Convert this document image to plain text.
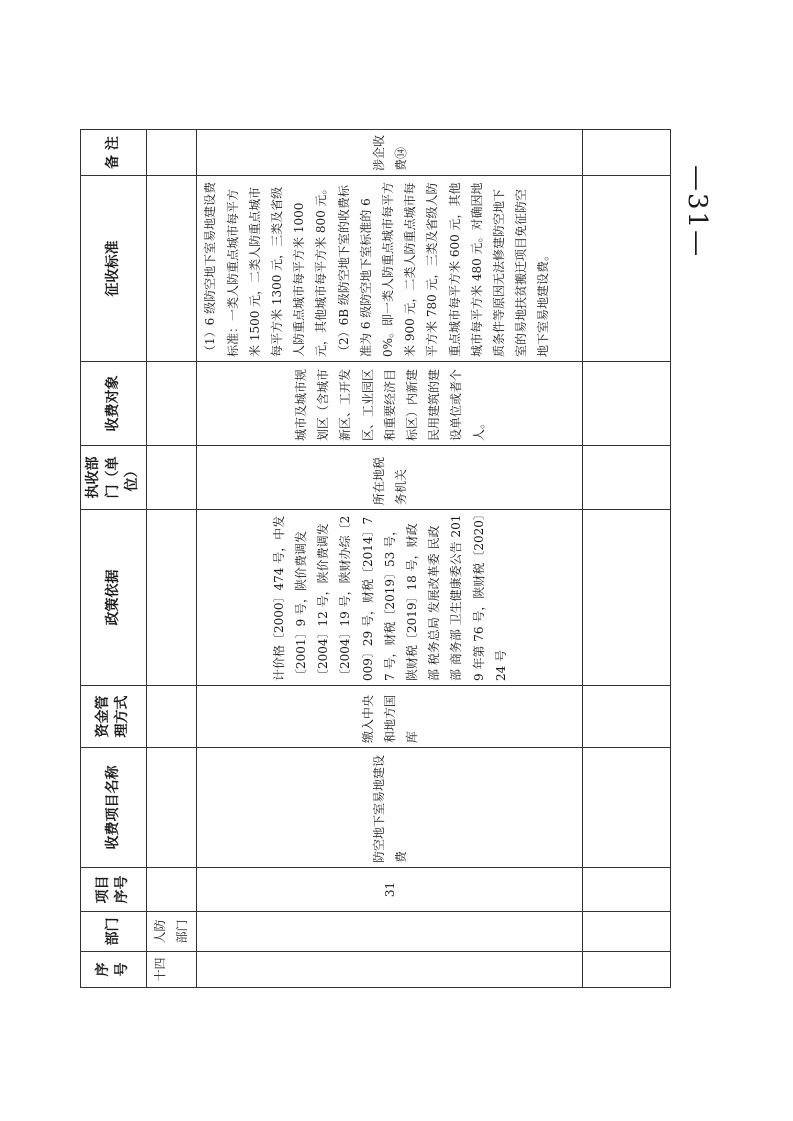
—31—
序号	部门	项目序号	收费项目名称	资金管理方式	政策依据	执收部门（单位）	收费对象	征收标准	备 注
十四	人防部门								
		31	防空地下室易地建设费	缴入中央和地方国库	计价格〔2000〕474 号，中发〔2001〕9 号，陕价费调发〔2004〕12 号，陕价费调发〔2004〕19 号，陕财办综〔2009〕29 号，财税〔2014〕77 号，财税〔2019〕53 号，陕财税〔2019〕18 号，财政部 税务总局 发展改革委 民政部 商务部 卫生健康委公告 2019 年第 76 号，陕财税〔2020〕24 号	所在地税务机关	城市及城市规划区（含城市新区、工开发区、工业园区和重要经济目标区）内新建民用建筑的建设单位或者个人。	（1）6 级防空地下室易地建设费标准：一类人防重点城市每平方米 1500 元，二类人防重点城市每平方米 1300 元，三类及省级人防重点城市每平方米 1000 元，其他城市每平方米 800 元。 （2）6B 级防空地下室的收费标准为 6 级防空地下室标准的 60%。即一类人防重点城市每平方米 900 元，二类人防重点城市每平方米 780 元，三类及省级人防重点城市每平方米 600 元，其他城市每平方米 480 元。对确因地质条件等原因无法修建防空地下室的易地扶贫搬迁项目免征防空地下室易地建设费。	涉企收费⑭
